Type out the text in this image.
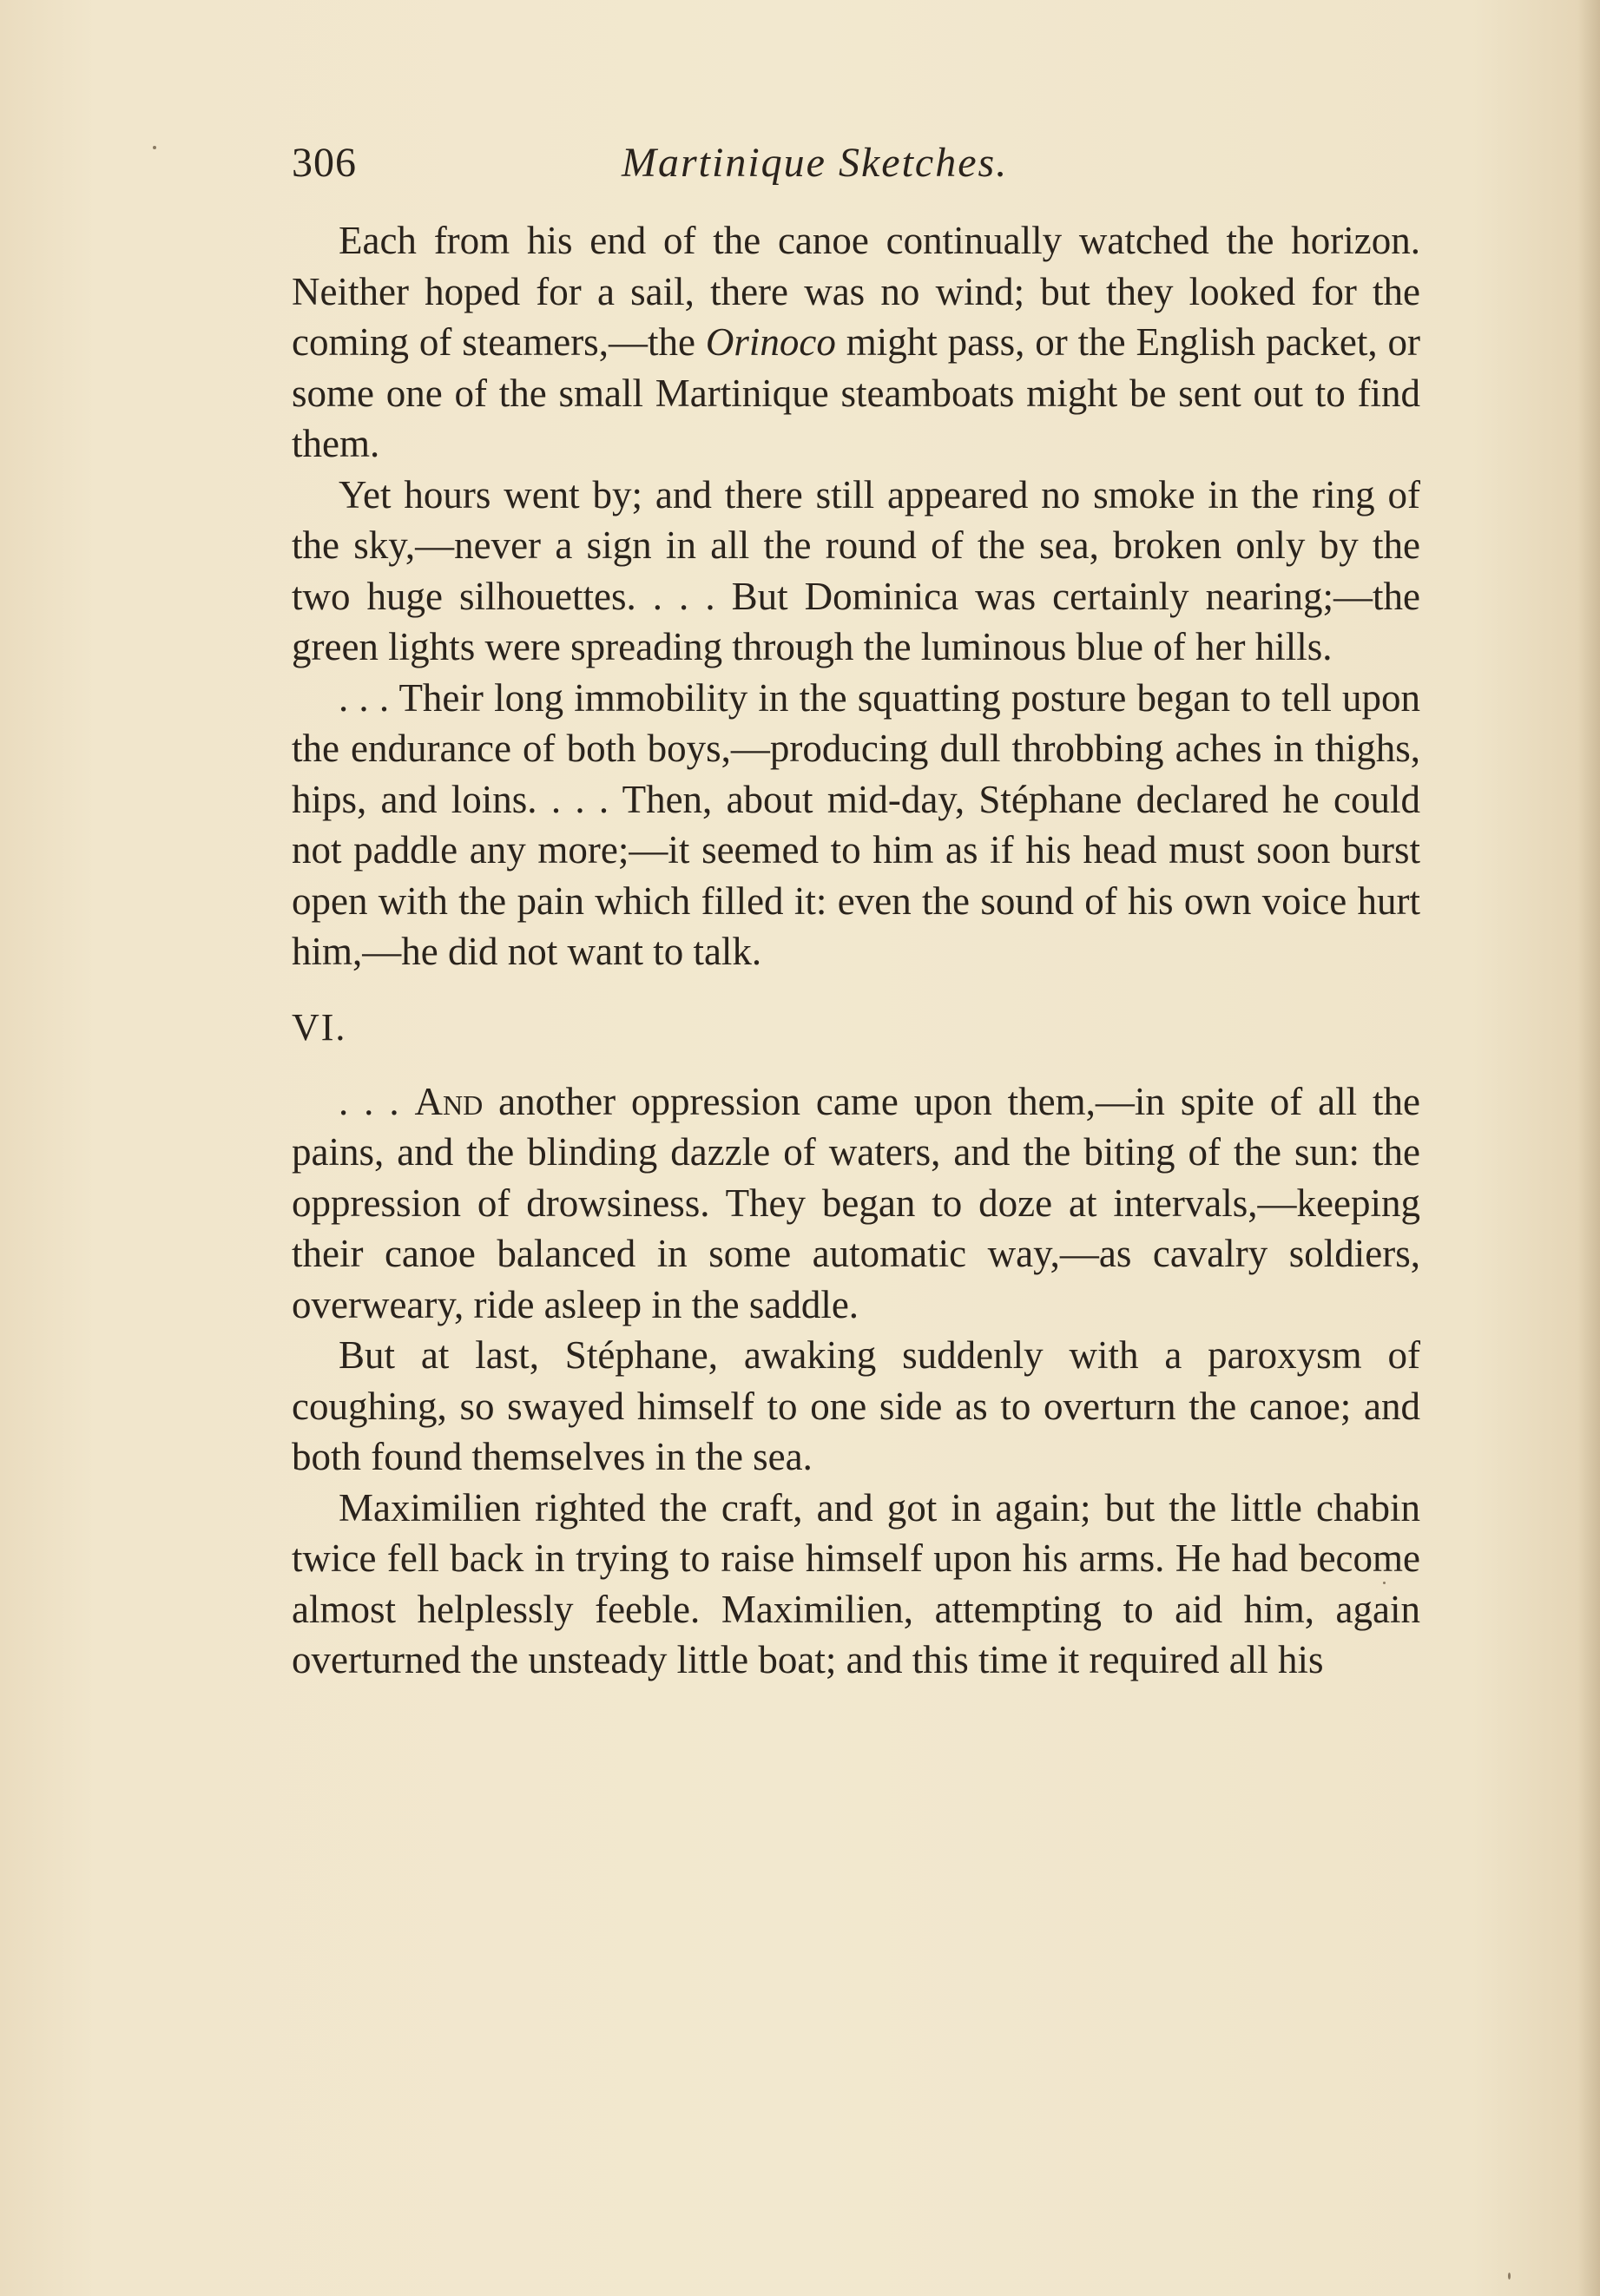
306	Martinique Sketches.

Each from his end of the canoe continually watched the horizon. Neither hoped for a sail, there was no wind; but they looked for the coming of steamers,—the Orinoco might pass, or the English packet, or some one of the small Martinique steamboats might be sent out to find them.

Yet hours went by; and there still appeared no smoke in the ring of the sky,—never a sign in all the round of the sea, broken only by the two huge silhouettes. . . . But Dominica was certainly nearing;—the green lights were spreading through the luminous blue of her hills.

. . . Their long immobility in the squatting posture began to tell upon the endurance of both boys,—producing dull throbbing aches in thighs, hips, and loins. . . . Then, about mid-day, Stéphane declared he could not paddle any more;—it seemed to him as if his head must soon burst open with the pain which filled it: even the sound of his own voice hurt him,—he did not want to talk.

VI.

. . . And another oppression came upon them,—in spite of all the pains, and the blinding dazzle of waters, and the biting of the sun: the oppression of drowsiness. They began to doze at intervals,—keeping their canoe balanced in some automatic way,—as cavalry soldiers, overweary, ride asleep in the saddle.

But at last, Stéphane, awaking suddenly with a paroxysm of coughing, so swayed himself to one side as to overturn the canoe; and both found themselves in the sea.

Maximilien righted the craft, and got in again; but the little chabin twice fell back in trying to raise himself upon his arms. He had become almost helplessly feeble. Maximilien, attempting to aid him, again overturned the unsteady little boat; and this time it required all his
